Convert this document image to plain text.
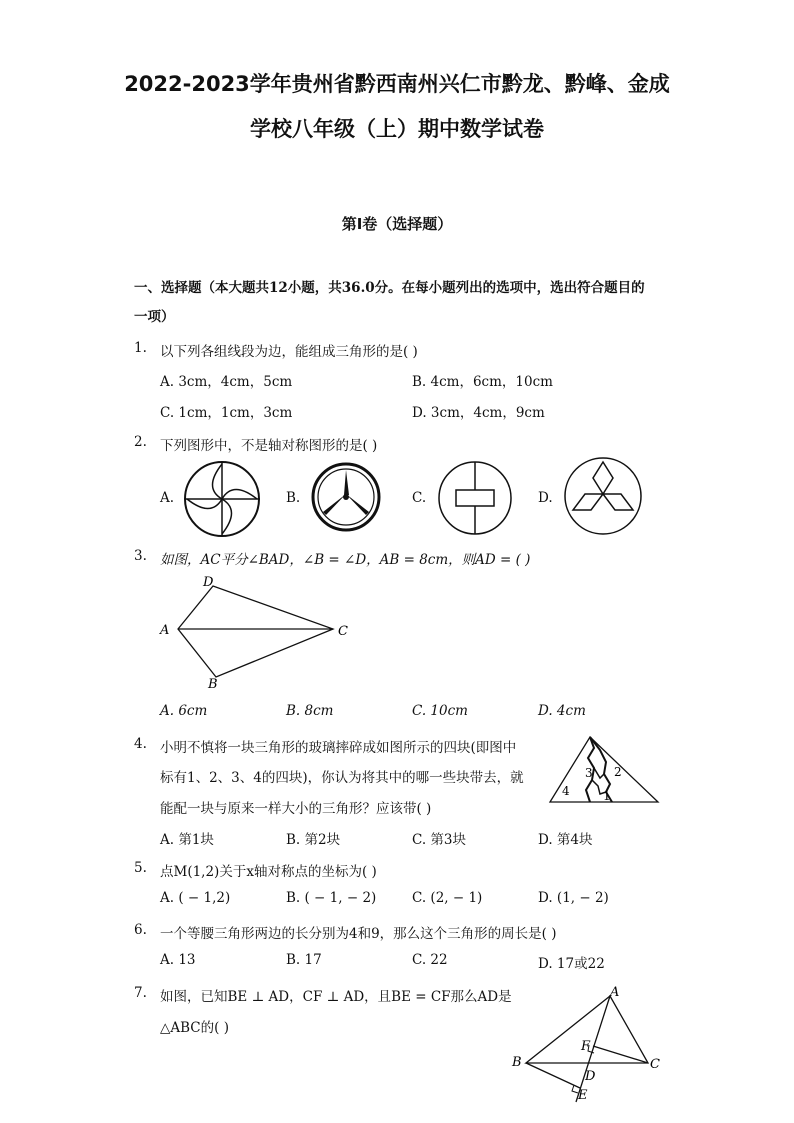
2022-2023学年贵州省黔西南州兴仁市黔龙、黔峰、金成
学校八年级（上）期中数学试卷
第I卷（选择题）
一、选择题（本大题共12小题，共36.0分。在每小题列出的选项中，选出符合题目的
一项）
1. 以下列各组线段为边，能组成三角形的是( )
A. 3cm，4cm，5cm	B. 4cm，6cm，10cm
C. 1cm，1cm，3cm	D. 3cm，4cm，9cm
2. 下列图形中，不是轴对称图形的是( )
A.	B.	C.	D.
3. 如图，AC平分∠BAD，∠B = ∠D，AB = 8cm，则AD = ( )
D
A	C
B
A. 6cm	B. 8cm	C. 10cm	D. 4cm
4. 小明不慎将一块三角形的玻璃摔碎成如图所示的四块(即图中
标有1、2、3、4的四块)，你认为将其中的哪一些块带去，就
能配一块与原来一样大小的三角形？应该带( )
3 2
4	1
A. 第1块	B. 第2块	C. 第3块	D. 第4块
5. 点M(1,2)关于x轴对称点的坐标为( )
A. ( − 1,2)	B. ( − 1, − 2)	C. (2, − 1)	D. (1, − 2)
6. 一个等腰三角形两边的长分别为4和9，那么这个三角形的周长是( )
A. 13	B. 17	C. 22	D. 17或22
7. 如图，已知BE ⊥ AD，CF ⊥ AD，且BE = CF那么AD是
△ABC的( )
A
F
B	C
D
E
